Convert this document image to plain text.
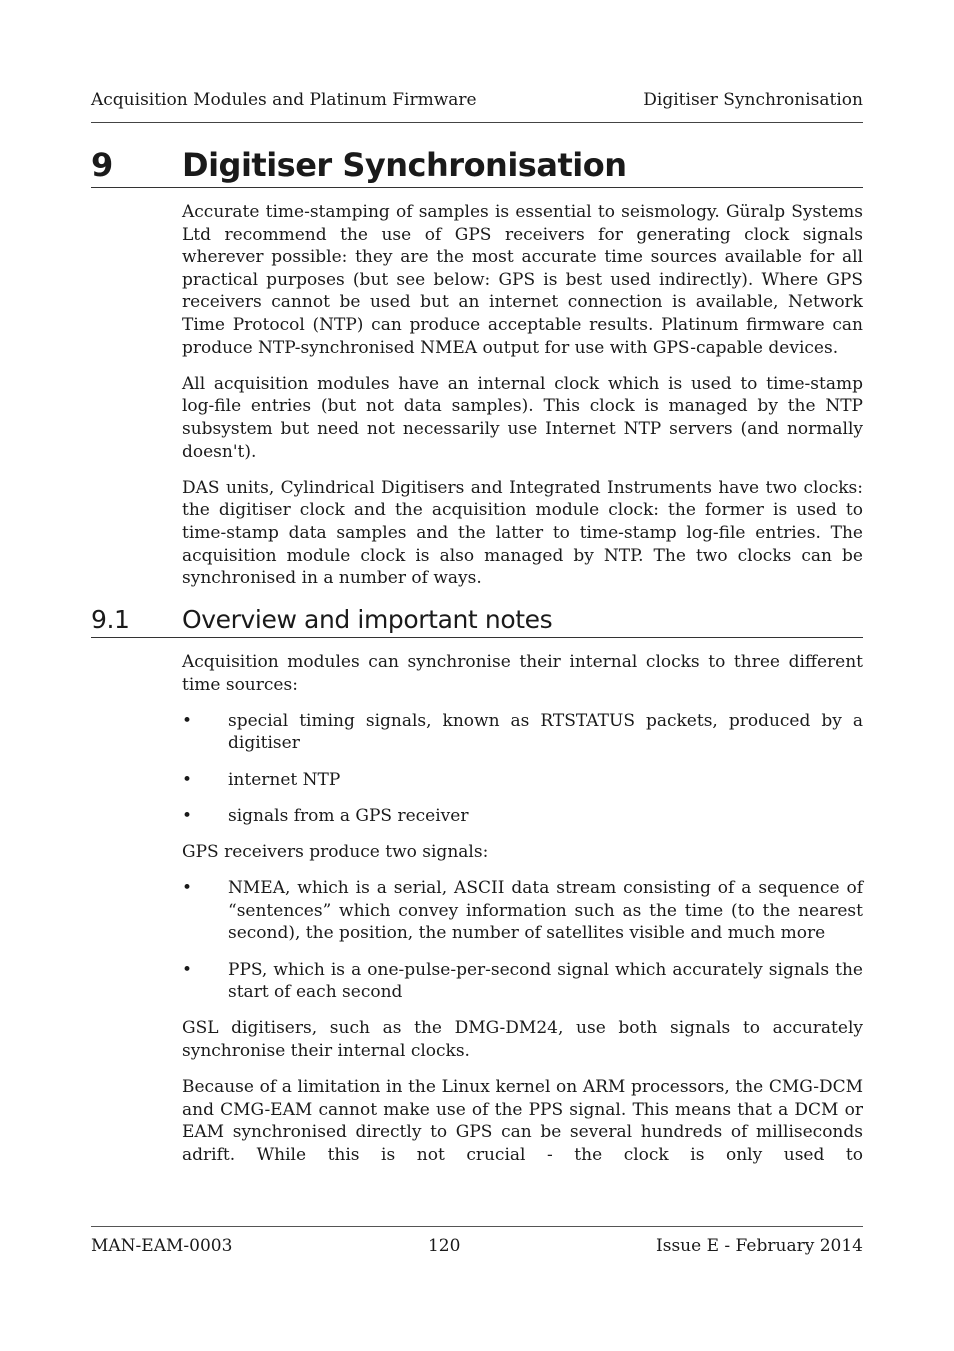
Acquisition Modules and Platinum Firmware	Digitiser Synchronisation
9 Digitiser Synchronisation

Accurate time-stamping of samples is essential to seismology. Güralp Systems Ltd recommend the use of GPS receivers for generating clock signals wherever possible: they are the most accurate time sources available for all practical purposes (but see below: GPS is best used indirectly). Where GPS receivers cannot be used but an internet connection is available, Network Time Protocol (NTP) can produce acceptable results. Platinum firmware can produce NTP-synchronised NMEA output for use with GPS-capable devices.

All acquisition modules have an internal clock which is used to time-stamp log-file entries (but not data samples). This clock is managed by the NTP subsystem but need not necessarily use Internet NTP servers (and normally doesn't).

DAS units, Cylindrical Digitisers and Integrated Instruments have two clocks: the digitiser clock and the acquisition module clock: the former is used to time-stamp data samples and the latter to time-stamp log-file entries. The acquisition module clock is also managed by NTP. The two clocks can be synchronised in a number of ways.

9.1 Overview and important notes

Acquisition modules can synchronise their internal clocks to three different time sources:

•	special timing signals, known as RTSTATUS packets, produced by a digitiser
•	internet NTP
•	signals from a GPS receiver

GPS receivers produce two signals:

•	NMEA, which is a serial, ASCII data stream consisting of a sequence of “sentences” which convey information such as the time (to the nearest second), the position, the number of satellites visible and much more
•	PPS, which is a one-pulse-per-second signal which accurately signals the start of each second

GSL digitisers, such as the DMG-DM24, use both signals to accurately synchronise their internal clocks.

Because of a limitation in the Linux kernel on ARM processors, the CMG-DCM and CMG-EAM cannot make use of the PPS signal. This means that a DCM or EAM synchronised directly to GPS can be several hundreds of milliseconds adrift. While this is not crucial - the clock is only used to

MAN-EAM-0003	120	Issue E - February 2014
